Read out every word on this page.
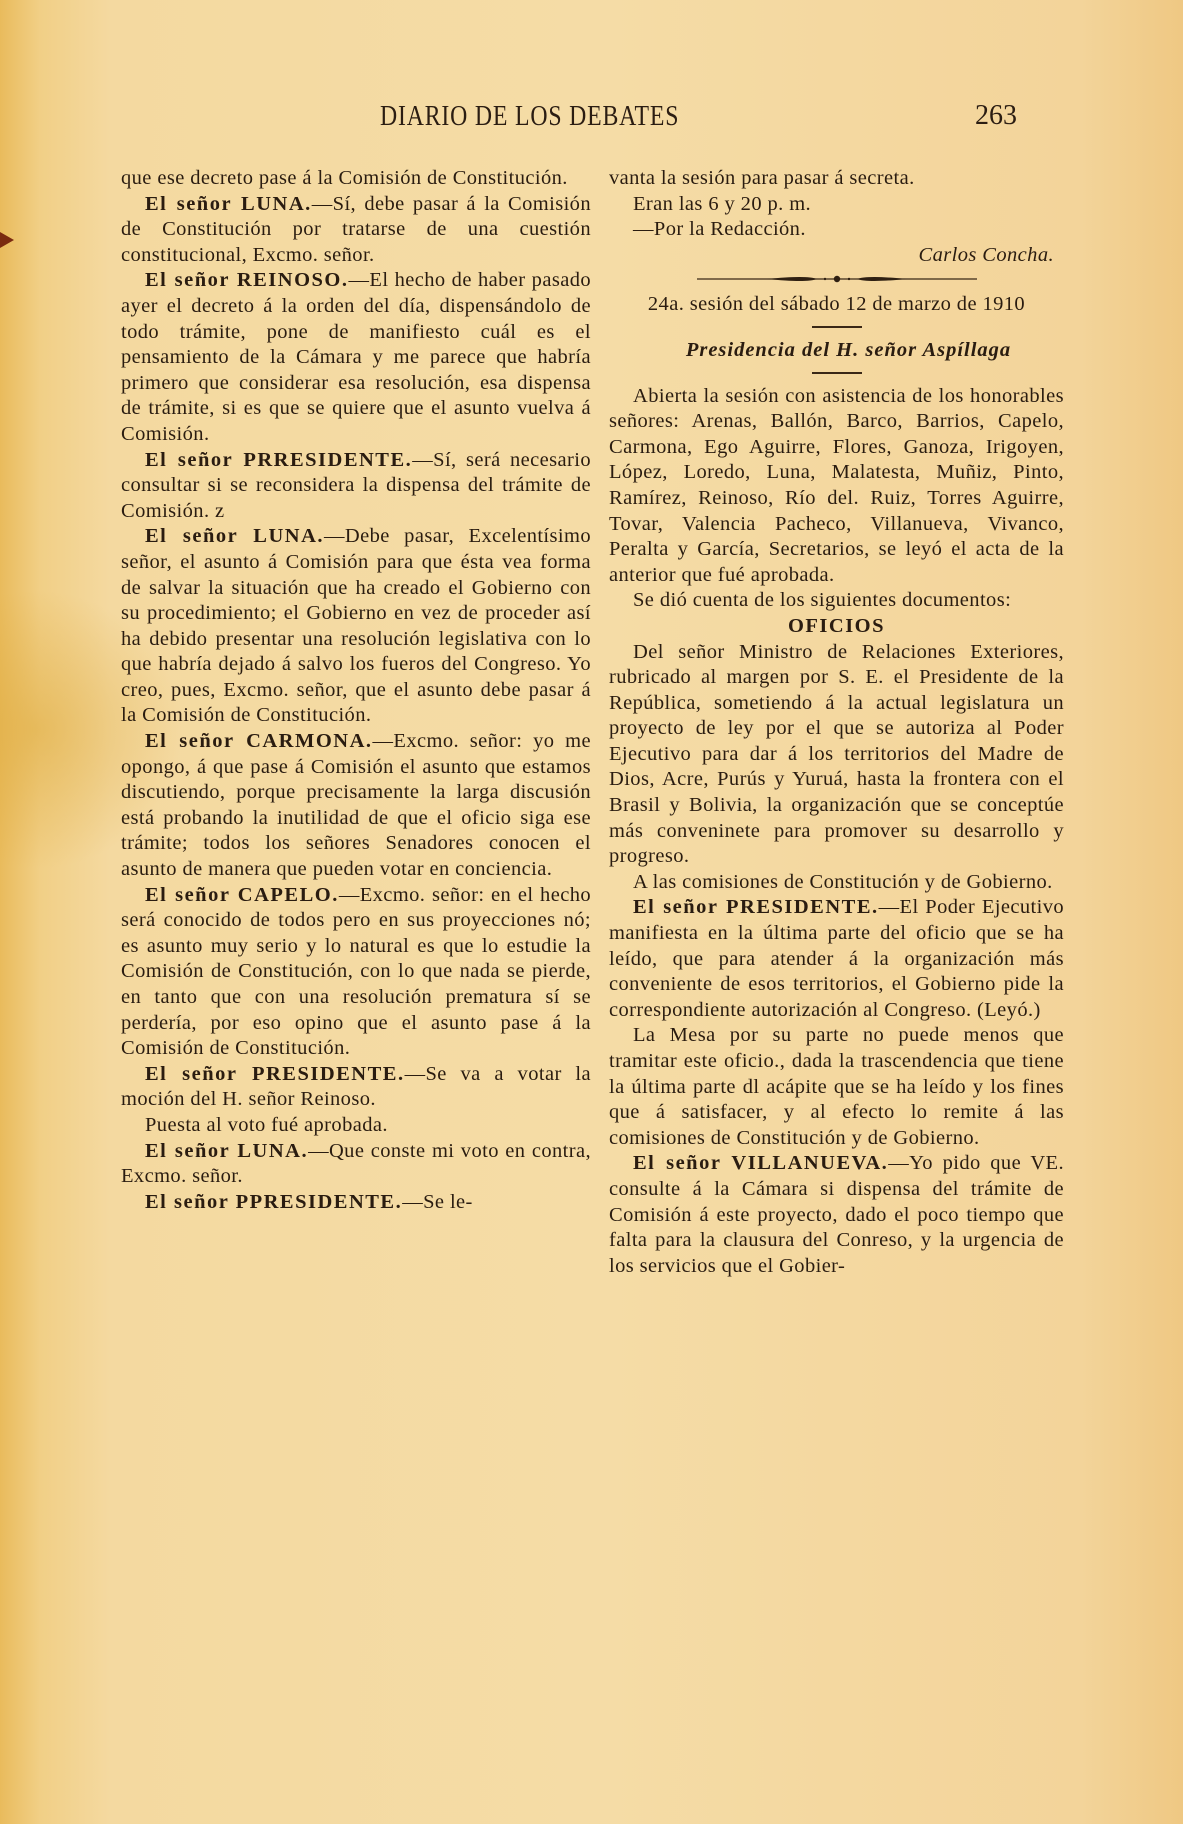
DIARIO DE LOS DEBATES	263

que ese decreto pase á la Comisión de Constitución.

El señor LUNA.—Sí, debe pasar á la Comisión de Constitución por tratarse de una cuestión constitucional, Excmo. señor.

El señor REINOSO.—El hecho de haber pasado ayer el decreto á la orden del día, dispensándolo de todo trámite, pone de manifiesto cuál es el pensamiento de la Cámara y me parece que habría primero que considerar esa resolución, esa dispensa de trámite, si es que se quiere que el asunto vuelva á Comisión.

El señor PRRESIDENTE.—Sí, será necesario consultar si se reconsidera la dispensa del trámite de Comisión. z

El señor LUNA.—Debe pasar, Excelentísimo señor, el asunto á Comisión para que ésta vea forma de salvar la situación que ha creado el Gobierno con su procedimiento; el Gobierno en vez de proceder así ha debido presentar una resolución legislativa con lo que habría dejado á salvo los fueros del Congreso. Yo creo, pues, Excmo. señor, que el asunto debe pasar á la Comisión de Constitución.

El señor CARMONA.—Excmo. señor: yo me opongo, á que pase á Comisión el asunto que estamos discutiendo, porque precisamente la larga discusión está probando la inutilidad de que el oficio siga ese trámite; todos los señores Senadores conocen el asunto de manera que pueden votar en conciencia.

El señor CAPELO.—Excmo. señor: en el hecho será conocido de todos pero en sus proyecciones nó; es asunto muy serio y lo natural es que lo estudie la Comisión de Constitución, con lo que nada se pierde, en tanto que con una resolución prematura sí se perdería, por eso opino que el asunto pase á la Comisión de Constitución.

El señor PRESIDENTE.—Se va a votar la moción del H. señor Reinoso.

Puesta al voto fué aprobada.

El señor LUNA.—Que conste mi voto en contra, Excmo. señor.

El señor PPRESIDENTE.—Se le-

vanta la sesión para pasar á secreta.

Eran las 6 y 20 p. m.

—Por la Redacción.

Carlos Concha.

24a. sesión del sábado 12 de marzo de 1910

Presidencia del H. señor Aspíllaga

Abierta la sesión con asistencia de los honorables señores: Arenas, Ballón, Barco, Barrios, Capelo, Carmona, Ego Aguirre, Flores, Ganoza, Irigoyen, López, Loredo, Luna, Malatesta, Muñiz, Pinto, Ramírez, Reinoso, Río del. Ruiz, Torres Aguirre, Tovar, Valencia Pacheco, Villanueva, Vivanco, Peralta y García, Secretarios, se leyó el acta de la anterior que fué aprobada.

Se dió cuenta de los siguientes documentos:

OFICIOS

Del señor Ministro de Relaciones Exteriores, rubricado al margen por S. E. el Presidente de la República, sometiendo á la actual legislatura un proyecto de ley por el que se autoriza al Poder Ejecutivo para dar á los territorios del Madre de Dios, Acre, Purús y Yuruá, hasta la frontera con el Brasil y Bolivia, la organización que se conceptúe más conveninete para promover su desarrollo y progreso.

A las comisiones de Constitución y de Gobierno.

El señor PRESIDENTE.—El Poder Ejecutivo manifiesta en la última parte del oficio que se ha leído, que para atender á la organización más conveniente de esos territorios, el Gobierno pide la correspondiente autorización al Congreso. (Leyó.)

La Mesa por su parte no puede menos que tramitar este oficio., dada la trascendencia que tiene la última parte dl acápite que se ha leído y los fines que á satisfacer, y al efecto lo remite á las comisiones de Constitución y de Gobierno.

El señor VILLANUEVA.—Yo pido que VE. consulte á la Cámara si dispensa del trámite de Comisión á este proyecto, dado el poco tiempo que falta para la clausura del Conreso, y la urgencia de los servicios que el Gobier-
